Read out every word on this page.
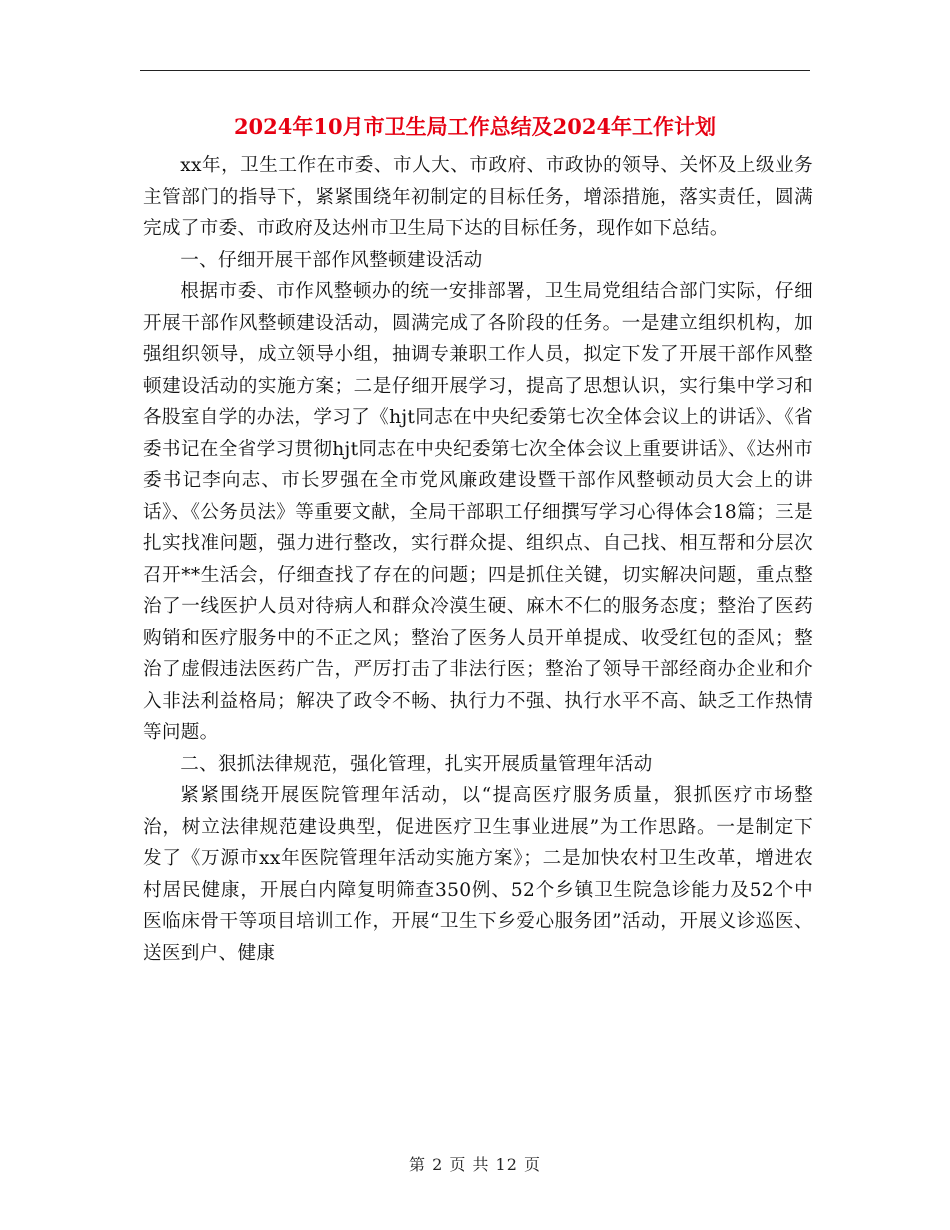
2024年10月市卫生局工作总结及2024年工作计划

xx年，卫生工作在市委、市人大、市政府、市政协的领导、关怀及上级业务主管部门的指导下，紧紧围绕年初制定的目标任务，增添措施，落实责任，圆满完成了市委、市政府及达州市卫生局下达的目标任务，现作如下总结。

一、仔细开展干部作风整顿建设活动

根据市委、市作风整顿办的统一安排部署，卫生局党组结合部门实际，仔细开展干部作风整顿建设活动，圆满完成了各阶段的任务。一是建立组织机构，加强组织领导，成立领导小组，抽调专兼职工作人员，拟定下发了开展干部作风整顿建设活动的实施方案；二是仔细开展学习，提高了思想认识，实行集中学习和各股室自学的办法，学习了《hjt同志在中央纪委第七次全体会议上的讲话》、《省委书记在全省学习贯彻hjt同志在中央纪委第七次全体会议上重要讲话》、《达州市委书记李向志、市长罗强在全市党风廉政建设暨干部作风整顿动员大会上的讲话》、《公务员法》等重要文献，全局干部职工仔细撰写学习心得体会18篇；三是扎实找准问题，强力进行整改，实行群众提、组织点、自己找、相互帮和分层次召开**生活会，仔细查找了存在的问题；四是抓住关键，切实解决问题，重点整治了一线医护人员对待病人和群众冷漠生硬、麻木不仁的服务态度；整治了医药购销和医疗服务中的不正之风；整治了医务人员开单提成、收受红包的歪风；整治了虚假违法医药广告，严厉打击了非法行医；整治了领导干部经商办企业和介入非法利益格局；解决了政令不畅、执行力不强、执行水平不高、缺乏工作热情等问题。

二、狠抓法律规范，强化管理，扎实开展质量管理年活动

紧紧围绕开展医院管理年活动，以“提高医疗服务质量，狠抓医疗市场整治，树立法律规范建设典型，促进医疗卫生事业进展”为工作思路。一是制定下发了《万源市xx年医院管理年活动实施方案》；二是加快农村卫生改革，增进农村居民健康，开展白内障复明筛查350例、52个乡镇卫生院急诊能力及52个中医临床骨干等项目培训工作，开展“卫生下乡爱心服务团”活动，开展义诊巡医、送医到户、健康

第 2 页 共 12 页
